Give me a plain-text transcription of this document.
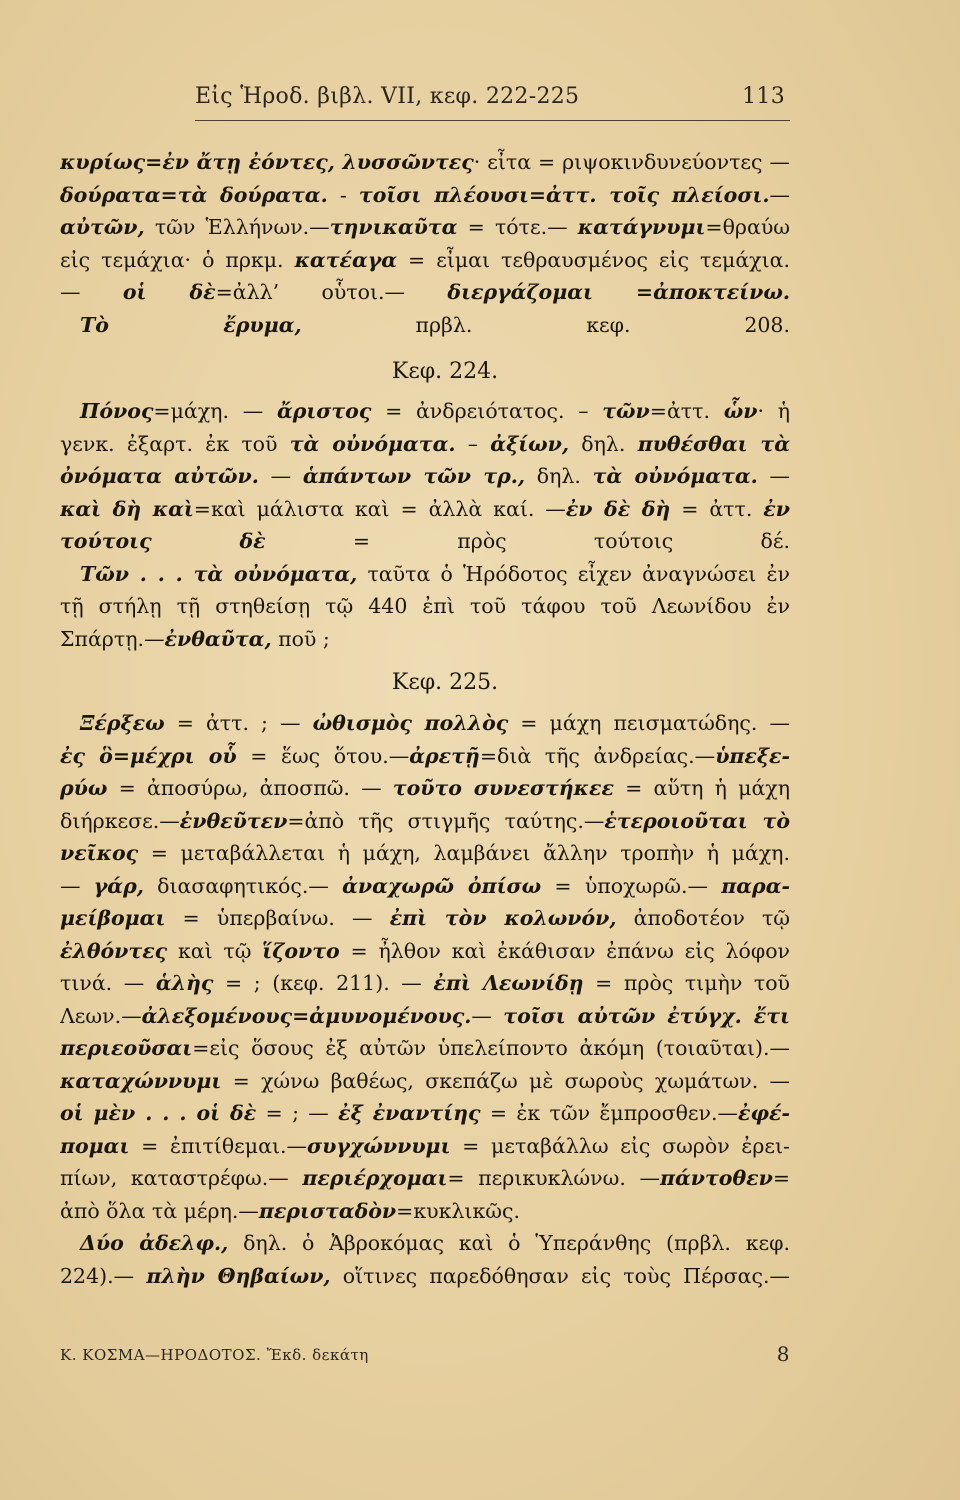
Εἰς Ἡροδ. βιβλ. VII, κεφ. 222-225	113
κυρίως=ἐν ἄτῃ ἐόντες, λυσσῶντες· εἶτα = ριψοκινδυνεύοντες —
δούρατα=τὰ δούρατα. - τοῖσι πλέουσι=ἀττ. τοῖς πλείοσι.—
αὐτῶν, τῶν Ἑλλήνων.—τηνικαῦτα = τότε.— κατάγνυμι=θραύω
εἰς τεμάχια· ὁ πρκμ. κατέαγα = εἶμαι τεθραυσμένος εἰς τεμάχια.
— οἱ δὲ=ἀλλ’ οὗτοι.— διεργάζομαι =ἀποκτείνω.
Τὸ ἔρυμα, πρβλ. κεφ. 208.
Κεφ. 224.
Πόνος=μάχη. — ἄριστος = ἀνδρειότατος. – τῶν=ἀττ. ὧν· ἡ
γενκ. ἐξαρτ. ἐκ τοῦ τὰ οὐνόματα. – ἀξίων, δηλ. πυθέσθαι τὰ
ὀνόματα αὐτῶν. — ἁπάντων τῶν τρ., δηλ. τὰ οὐνόματα. —
καὶ δὴ καὶ=καὶ μάλιστα καὶ = ἀλλὰ καί. —ἐν δὲ δὴ = ἀττ. ἐν
τούτοις δὲ = πρὸς τούτοις δέ.
Τῶν . . . τὰ οὐνόματα, ταῦτα ὁ Ἡρόδοτος εἶχεν ἀναγνώσει ἐν
τῇ στήλῃ τῇ στηθείσῃ τῷ 440 ἐπὶ τοῦ τάφου τοῦ Λεωνίδου ἐν
Σπάρτῃ.—ἐνθαῦτα, ποῦ ;
Κεφ. 225.
Ξέρξεω = ἀττ. ; — ὠθισμὸς πολλὸς = μάχη πεισματώδης. —
ἐς ὃ=μέχρι οὗ = ἕως ὅτου.—ἀρετῇ=διὰ τῆς ἀνδρείας.—ὑπεξε-
ρύω = ἀποσύρω, ἀποσπῶ. — τοῦτο συνεστήκεε = αὕτη ἡ μάχη
διήρκεσε.—ἐνθεῦτεν=ἀπὸ τῆς στιγμῆς ταύτης.—ἑτεροιοῦται τὸ
νεῖκος = μεταβάλλεται ἡ μάχη, λαμβάνει ἄλλην τροπὴν ἡ μάχη.
— γάρ, διασαφητικός.— ἀναχωρῶ ὀπίσω = ὑποχωρῶ.— παρα-
μείβομαι = ὑπερβαίνω. — ἐπὶ τὸν κολωνόν, ἀποδοτέον τῷ
ἐλθόντες καὶ τῷ ἵζοντο = ἦλθον καὶ ἐκάθισαν ἐπάνω εἰς λόφον
τινά. — ἁλὴς = ; (κεφ. 211). — ἐπὶ Λεωνίδῃ = πρὸς τιμὴν τοῦ
Λεων.—ἀλεξομένους=ἀμυνομένους.— τοῖσι αὐτῶν ἐτύγχ. ἔτι
περιεοῦσαι=εἰς ὅσους ἐξ αὐτῶν ὑπελείποντο ἀκόμη (τοιαῦται).—
καταχώννυμι = χώνω βαθέως, σκεπάζω μὲ σωροὺς χωμάτων. —
οἱ μὲν . . . οἱ δὲ = ; — ἐξ ἐναντίης = ἐκ τῶν ἔμπροσθεν.—ἐφέ-
πομαι = ἐπιτίθεμαι.—συγχώννυμι = μεταβάλλω εἰς σωρὸν ἐρει-
πίων, καταστρέφω.— περιέρχομαι= περικυκλώνω. —πάντοθεν=
ἀπὸ ὅλα τὰ μέρη.—περισταδὸν=κυκλικῶς.
Δύο ἀδελφ., δηλ. ὁ Ἀβροκόμας καὶ ὁ Ὑπεράνθης (πρβλ. κεφ.
224).— πλὴν Θηβαίων, οἵτινες παρεδόθησαν εἰς τοὺς Πέρσας.—
Κ. ΚΟΣΜΑ—ΗΡΟΔΟΤΟΣ. Ἔκδ. δεκάτη	8
